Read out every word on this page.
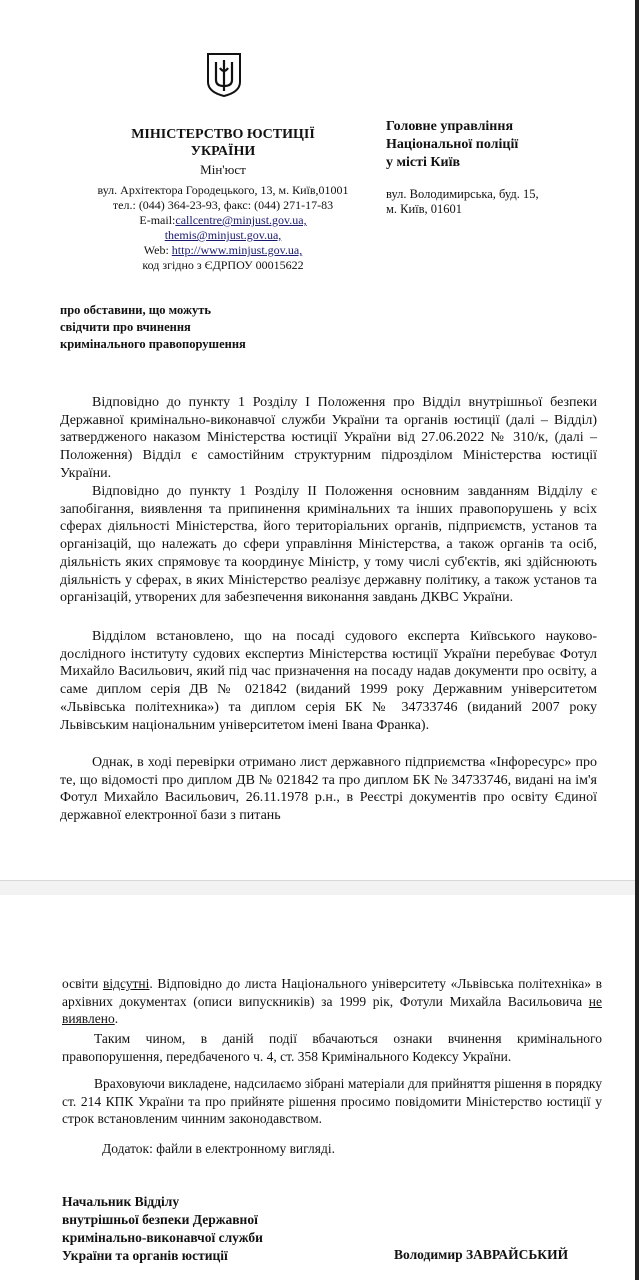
МІНІСТЕРСТВО ЮСТИЦІЇ
УКРАЇНИ
Мін'юст
вул. Архітектора Городецького, 13, м. Київ,01001
тел.: (044) 364-23-93, факс: (044) 271-17-83
E-mail:callcentre@minjust.gov.ua,
themis@minjust.gov.ua,
Web: http://www.minjust.gov.ua,
код згідно з ЄДРПОУ 00015622
Головне управління
Національної поліції
у місті Київ
вул. Володимирська, буд. 15,
м. Київ, 01601
про обставини, що можуть
свідчити про вчинення
кримінального правопорушення
Відповідно до пункту 1 Розділу І Положення про Відділ внутрішньої безпеки Державної кримінально-виконавчої служби України та органів юстиції (далі – Відділ) затвердженого наказом Міністерства юстиції України від 27.06.2022 № 310/к, (далі – Положення) Відділ є самостійним структурним підрозділом Міністерства юстиції України.
Відповідно до пункту 1 Розділу ІІ Положення основним завданням Відділу є запобігання, виявлення та припинення кримінальних та інших правопорушень у всіх сферах діяльності Міністерства, його територіальних органів, підприємств, установ та організацій, що належать до сфери управління Міністерства, а також органів та осіб, діяльність яких спрямовує та координує Міністр, у тому числі суб'єктів, які здійснюють діяльність у сферах, в яких Міністерство реалізує державну політику, а також установ та організацій, утворених для забезпечення виконання завдань ДКВС України.
Відділом встановлено, що на посаді судового експерта Київського науково-дослідного інституту судових експертиз Міністерства юстиції України перебуває Фотул Михайло Васильович, який під час призначення на посаду надав документи про освіту, а саме диплом серія ДВ № 021842 (виданий 1999 року Державним університетом «Львівська політехника») та диплом серія БК № 34733746 (виданий 2007 року Львівським національним університетом імені Івана Франка).
Однак, в ході перевірки отримано лист державного підприємства «Інфоресурс» про те, що відомості про диплом ДВ № 021842 та про диплом БК № 34733746, видані на ім'я Фотул Михайло Васильович, 26.11.1978 р.н., в Реєстрі документів про освіту Єдиної державної електронної бази з питань
освіти відсутні. Відповідно до листа Національного університету «Львівська політехніка» в архівних документах (описи випускників) за 1999 рік, Фотули Михайла Васильовича не виявлено.
Таким чином, в даній події вбачаються ознаки вчинення кримінального правопорушення, передбаченого ч. 4, ст. 358 Кримінального Кодексу України.
Враховуючи викладене, надсилаємо зібрані матеріали для прийняття рішення в порядку ст. 214 КПК України та про прийняте рішення просимо повідомити Міністерство юстиції у строк встановленим чинним законодавством.
Додаток: файли в електронному вигляді.
Начальник Відділу
внутрішньої безпеки Державної
кримінально-виконавчої служби
України та органів юстиції	Володимир ЗАВРАЙСЬКИЙ
